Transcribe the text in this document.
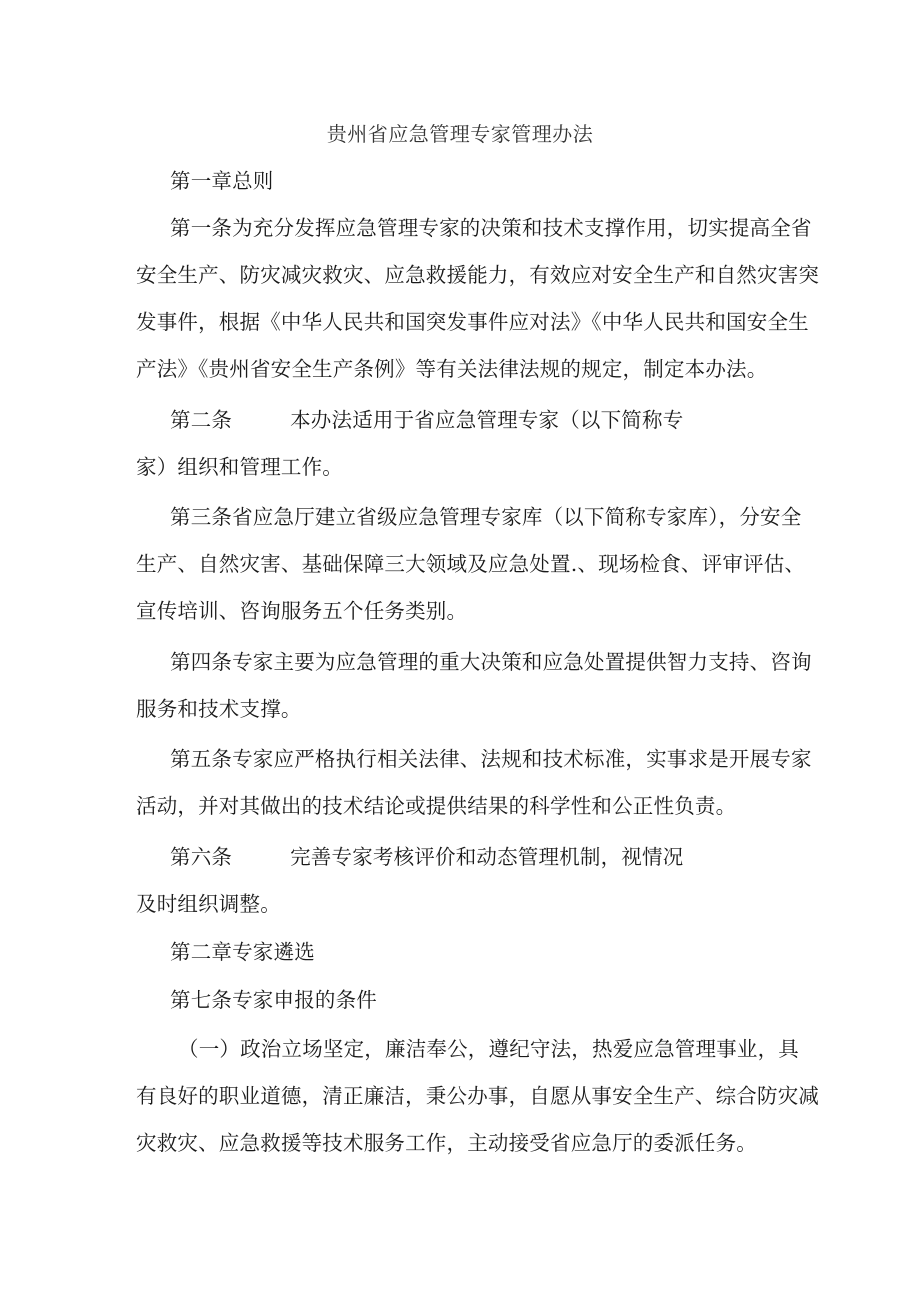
贵州省应急管理专家管理办法
第一章总则
第一条为充分发挥应急管理专家的决策和技术支撑作用，切实提高全省
安全生产、防灾减灾救灾、应急救援能力，有效应对安全生产和自然灾害突
发事件，根据《中华人民共和国突发事件应对法》《中华人民共和国安全生
产法》《贵州省安全生产条例》等有关法律法规的规定，制定本办法。
第二条	本办法适用于省应急管理专家（以下简称专
家）组织和管理工作。
第三条省应急厅建立省级应急管理专家库（以下简称专家库），分安全
生产、自然灾害、基础保障三大领域及应急处置.、现场检食、评审评估、
宣传培训、咨询服务五个任务类别。
第四条专家主要为应急管理的重大决策和应急处置提供智力支持、咨询
服务和技术支撑。
第五条专家应严格执行相关法律、法规和技术标准，实事求是开展专家
活动，并对其做出的技术结论或提供结果的科学性和公正性负责。
第六条	完善专家考核评价和动态管理机制，视情况
及时组织调整。
第二章专家遴选
第七条专家申报的条件
（一）政治立场坚定，廉洁奉公，遵纪守法，热爱应急管理事业，具
有良好的职业道德，清正廉洁，秉公办事，自愿从事安全生产、综合防灾减
灾救灾、应急救援等技术服务工作，主动接受省应急厅的委派任务。
